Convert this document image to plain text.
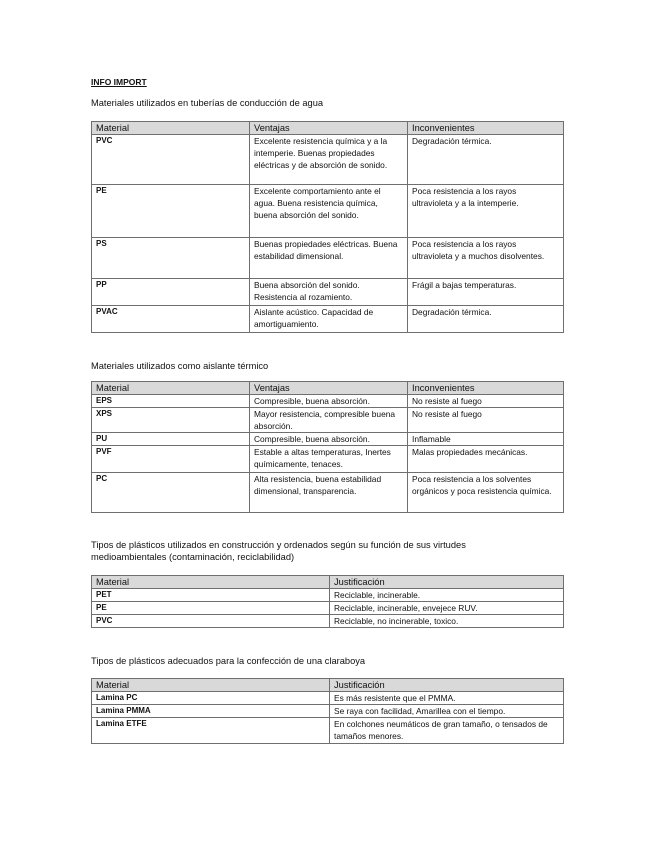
INFO IMPORT
Materiales utilizados en tuberías de conducción de agua
Material	Ventajas	Inconvenientes
PVC	Excelente resistencia química y a la intemperie. Buenas propiedades eléctricas y de absorción de sonido.	Degradación térmica.
PE	Excelente comportamiento ante el agua. Buena resistencia química, buena absorción del sonido.	Poca resistencia a los rayos ultravioleta y a la intemperie.
PS	Buenas propiedades eléctricas. Buena estabilidad dimensional.	Poca resistencia a los rayos ultravioleta y a muchos disolventes.
PP	Buena absorción del sonido. Resistencia al rozamiento.	Frágil a bajas temperaturas.
PVAC	Aislante acústico. Capacidad de amortiguamiento.	Degradación térmica.
Materiales utilizados como aislante térmico
Material	Ventajas	Inconvenientes
EPS	Compresible, buena absorción.	No resiste al fuego
XPS	Mayor resistencia, compresible buena absorción.	No resiste al fuego
PU	Compresible, buena absorción.	Inflamable
PVF	Estable a altas temperaturas, Inertes químicamente, tenaces.	Malas propiedades mecánicas.
PC	Alta resistencia, buena estabilidad dimensional, transparencia.	Poca resistencia a los solventes orgánicos y poca resistencia química.
Tipos de plásticos utilizados en construcción y ordenados según su función de sus virtudes medioambientales (contaminación, reciclabilidad)
Material	Justificación
PET	Reciclable, incinerable.
PE	Reciclable, incinerable, envejece RUV.
PVC	Reciclable, no incinerable, toxico.
Tipos de plásticos adecuados para la confección de una claraboya
Material	Justificación
Lamina PC	Es más resistente que el PMMA.
Lamina PMMA	Se raya con facilidad, Amarillea con el tiempo.
Lamina ETFE	En colchones neumáticos de gran tamaño, o tensados de tamaños menores.
